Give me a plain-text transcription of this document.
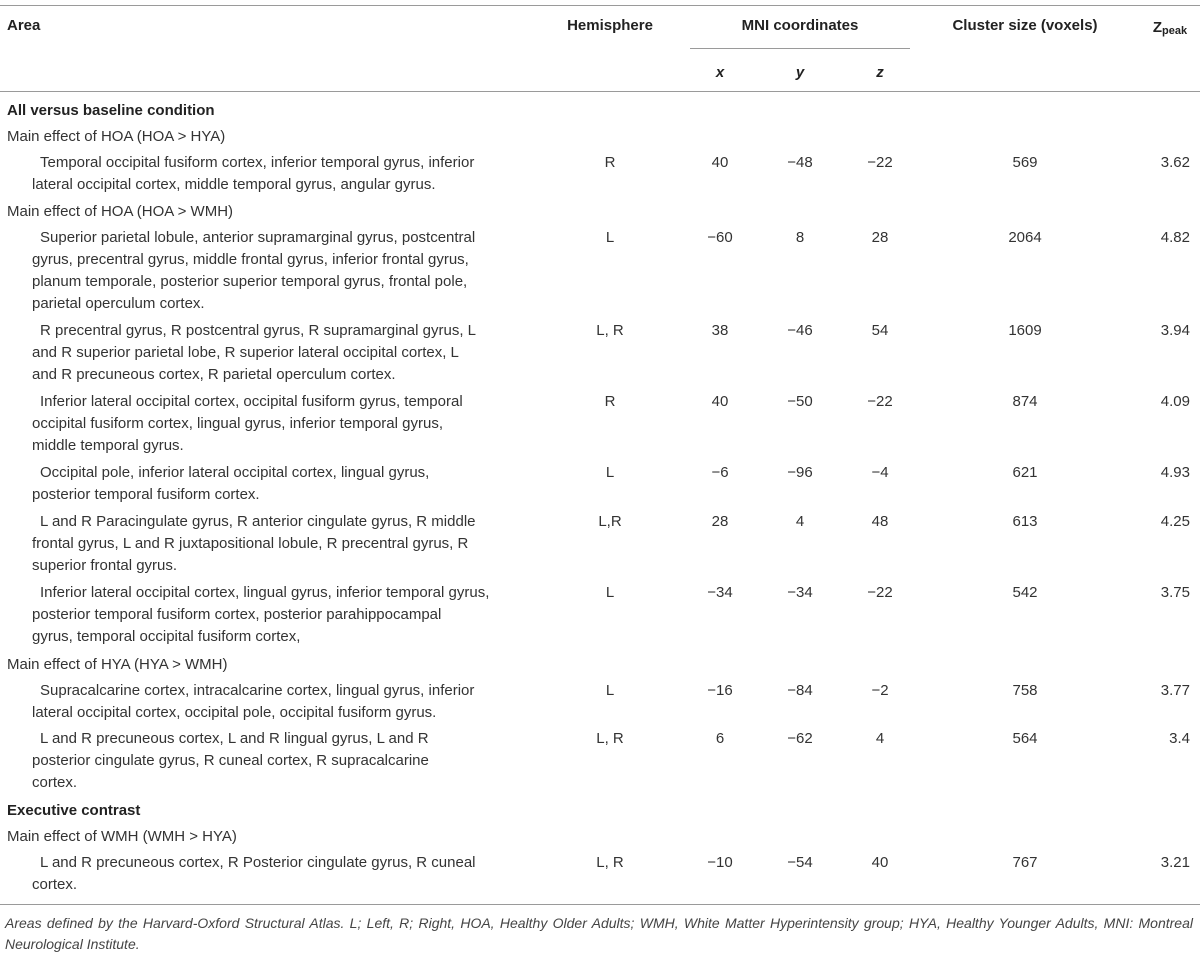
Area	Hemisphere	MNI coordinates	Cluster size (voxels)	$Z_{peak}$
x	y	z
All versus baseline condition
Main effect of HOA (HOA > HYA)
Temporal occipital fusiform cortex, inferior temporal gyrus, inferior
lateral occipital cortex, middle temporal gyrus, angular gyrus.
R	40	−48	−22	569	3.62
Main effect of HOA (HOA > WMH)
Superior parietal lobule, anterior supramarginal gyrus, postcentral
gyrus, precentral gyrus, middle frontal gyrus, inferior frontal gyrus,
planum temporale, posterior superior temporal gyrus, frontal pole,
parietal operculum cortex.
L	−60	8	28	2064	4.82
R precentral gyrus, R postcentral gyrus, R supramarginal gyrus, L
and R superior parietal lobe, R superior lateral occipital cortex, L
and R precuneous cortex, R parietal operculum cortex.
L, R	38	−46	54	1609	3.94
Inferior lateral occipital cortex, occipital fusiform gyrus, temporal
occipital fusiform cortex, lingual gyrus, inferior temporal gyrus,
middle temporal gyrus.
R	40	−50	−22	874	4.09
Occipital pole, inferior lateral occipital cortex, lingual gyrus,
posterior temporal fusiform cortex.
L	−6	−96	−4	621	4.93
L and R Paracingulate gyrus, R anterior cingulate gyrus, R middle
frontal gyrus, L and R juxtapositional lobule, R precentral gyrus, R
superior frontal gyrus.
L,R	28	4	48	613	4.25
Inferior lateral occipital cortex, lingual gyrus, inferior temporal gyrus,
posterior temporal fusiform cortex, posterior parahippocampal
gyrus, temporal occipital fusiform cortex,
L	−34	−34	−22	542	3.75
Main effect of HYA (HYA > WMH)
Supracalcarine cortex, intracalcarine cortex, lingual gyrus, inferior
lateral occipital cortex, occipital pole, occipital fusiform gyrus.
L	−16	−84	−2	758	3.77
L and R precuneous cortex, L and R lingual gyrus, L and R
posterior cingulate gyrus, R cuneal cortex, R supracalcarine
cortex.
L, R	6	−62	4	564	3.4
Executive contrast
Main effect of WMH (WMH > HYA)
L and R precuneous cortex, R Posterior cingulate gyrus, R cuneal
cortex.
L, R	−10	−54	40	767	3.21
Areas defined by the Harvard-Oxford Structural Atlas. L; Left, R; Right, HOA, Healthy Older Adults; WMH, White Matter Hyperintensity group; HYA, Healthy Younger Adults, MNI: Montreal Neurological Institute.
